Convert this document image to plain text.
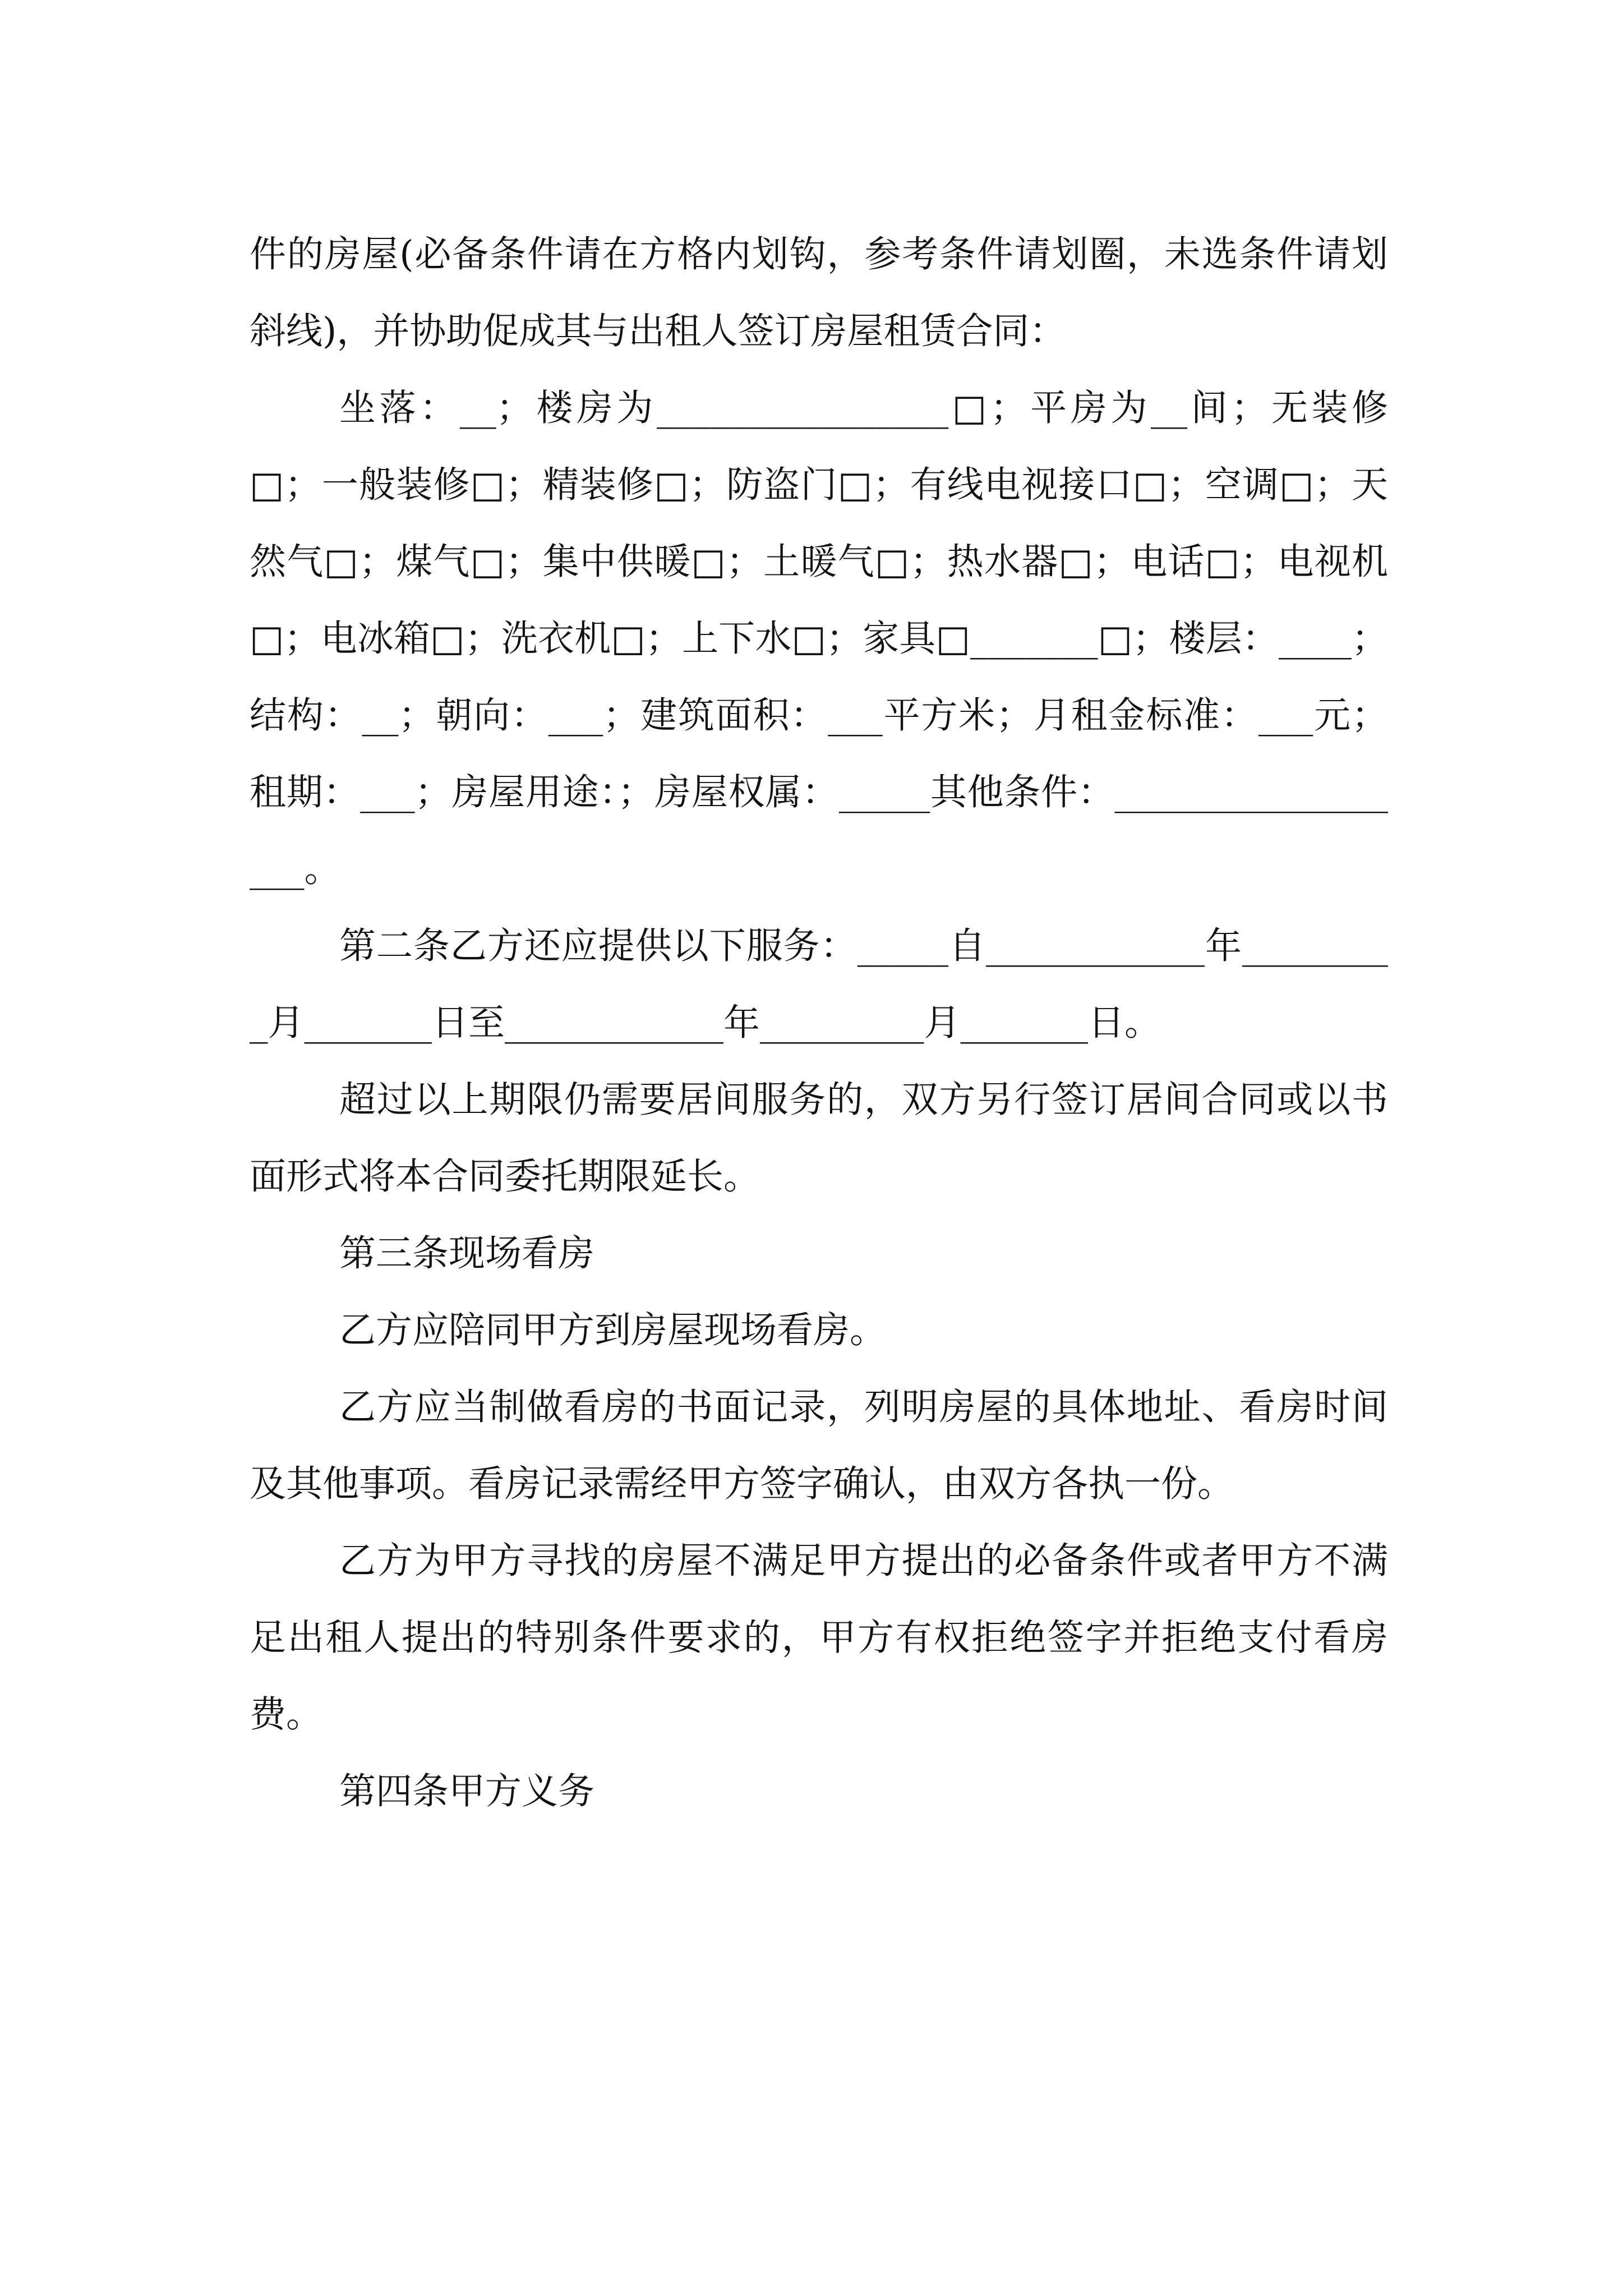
件的房屋(必备条件请在方格内划钩，参考条件请划圈，未选条件请划斜线)，并协助促成其与出租人签订房屋租赁合同：

坐落：__；楼房为________________□；平房为__间；无装修□；一般装修□；精装修□；防盗门□；有线电视接口□；空调□；天然气□；煤气□；集中供暖□；土暖气□；热水器□；电话□；电视机□；电冰箱□；洗衣机□；上下水□；家具□_______□；楼层：____；结构：__；朝向：___；建筑面积：___平方米；月租金标准：___元；租期：___；房屋用途：；房屋权属：_____其他条件：__________________。

第二条乙方还应提供以下服务：_____自____________年_________月_______日至____________年_________月_______日。

超过以上期限仍需要居间服务的，双方另行签订居间合同或以书面形式将本合同委托期限延长。

第三条现场看房

乙方应陪同甲方到房屋现场看房。

乙方应当制做看房的书面记录，列明房屋的具体地址、看房时间及其他事项。看房记录需经甲方签字确认，由双方各执一份。

乙方为甲方寻找的房屋不满足甲方提出的必备条件或者甲方不满足出租人提出的特别条件要求的，甲方有权拒绝签字并拒绝支付看房费。

第四条甲方义务
